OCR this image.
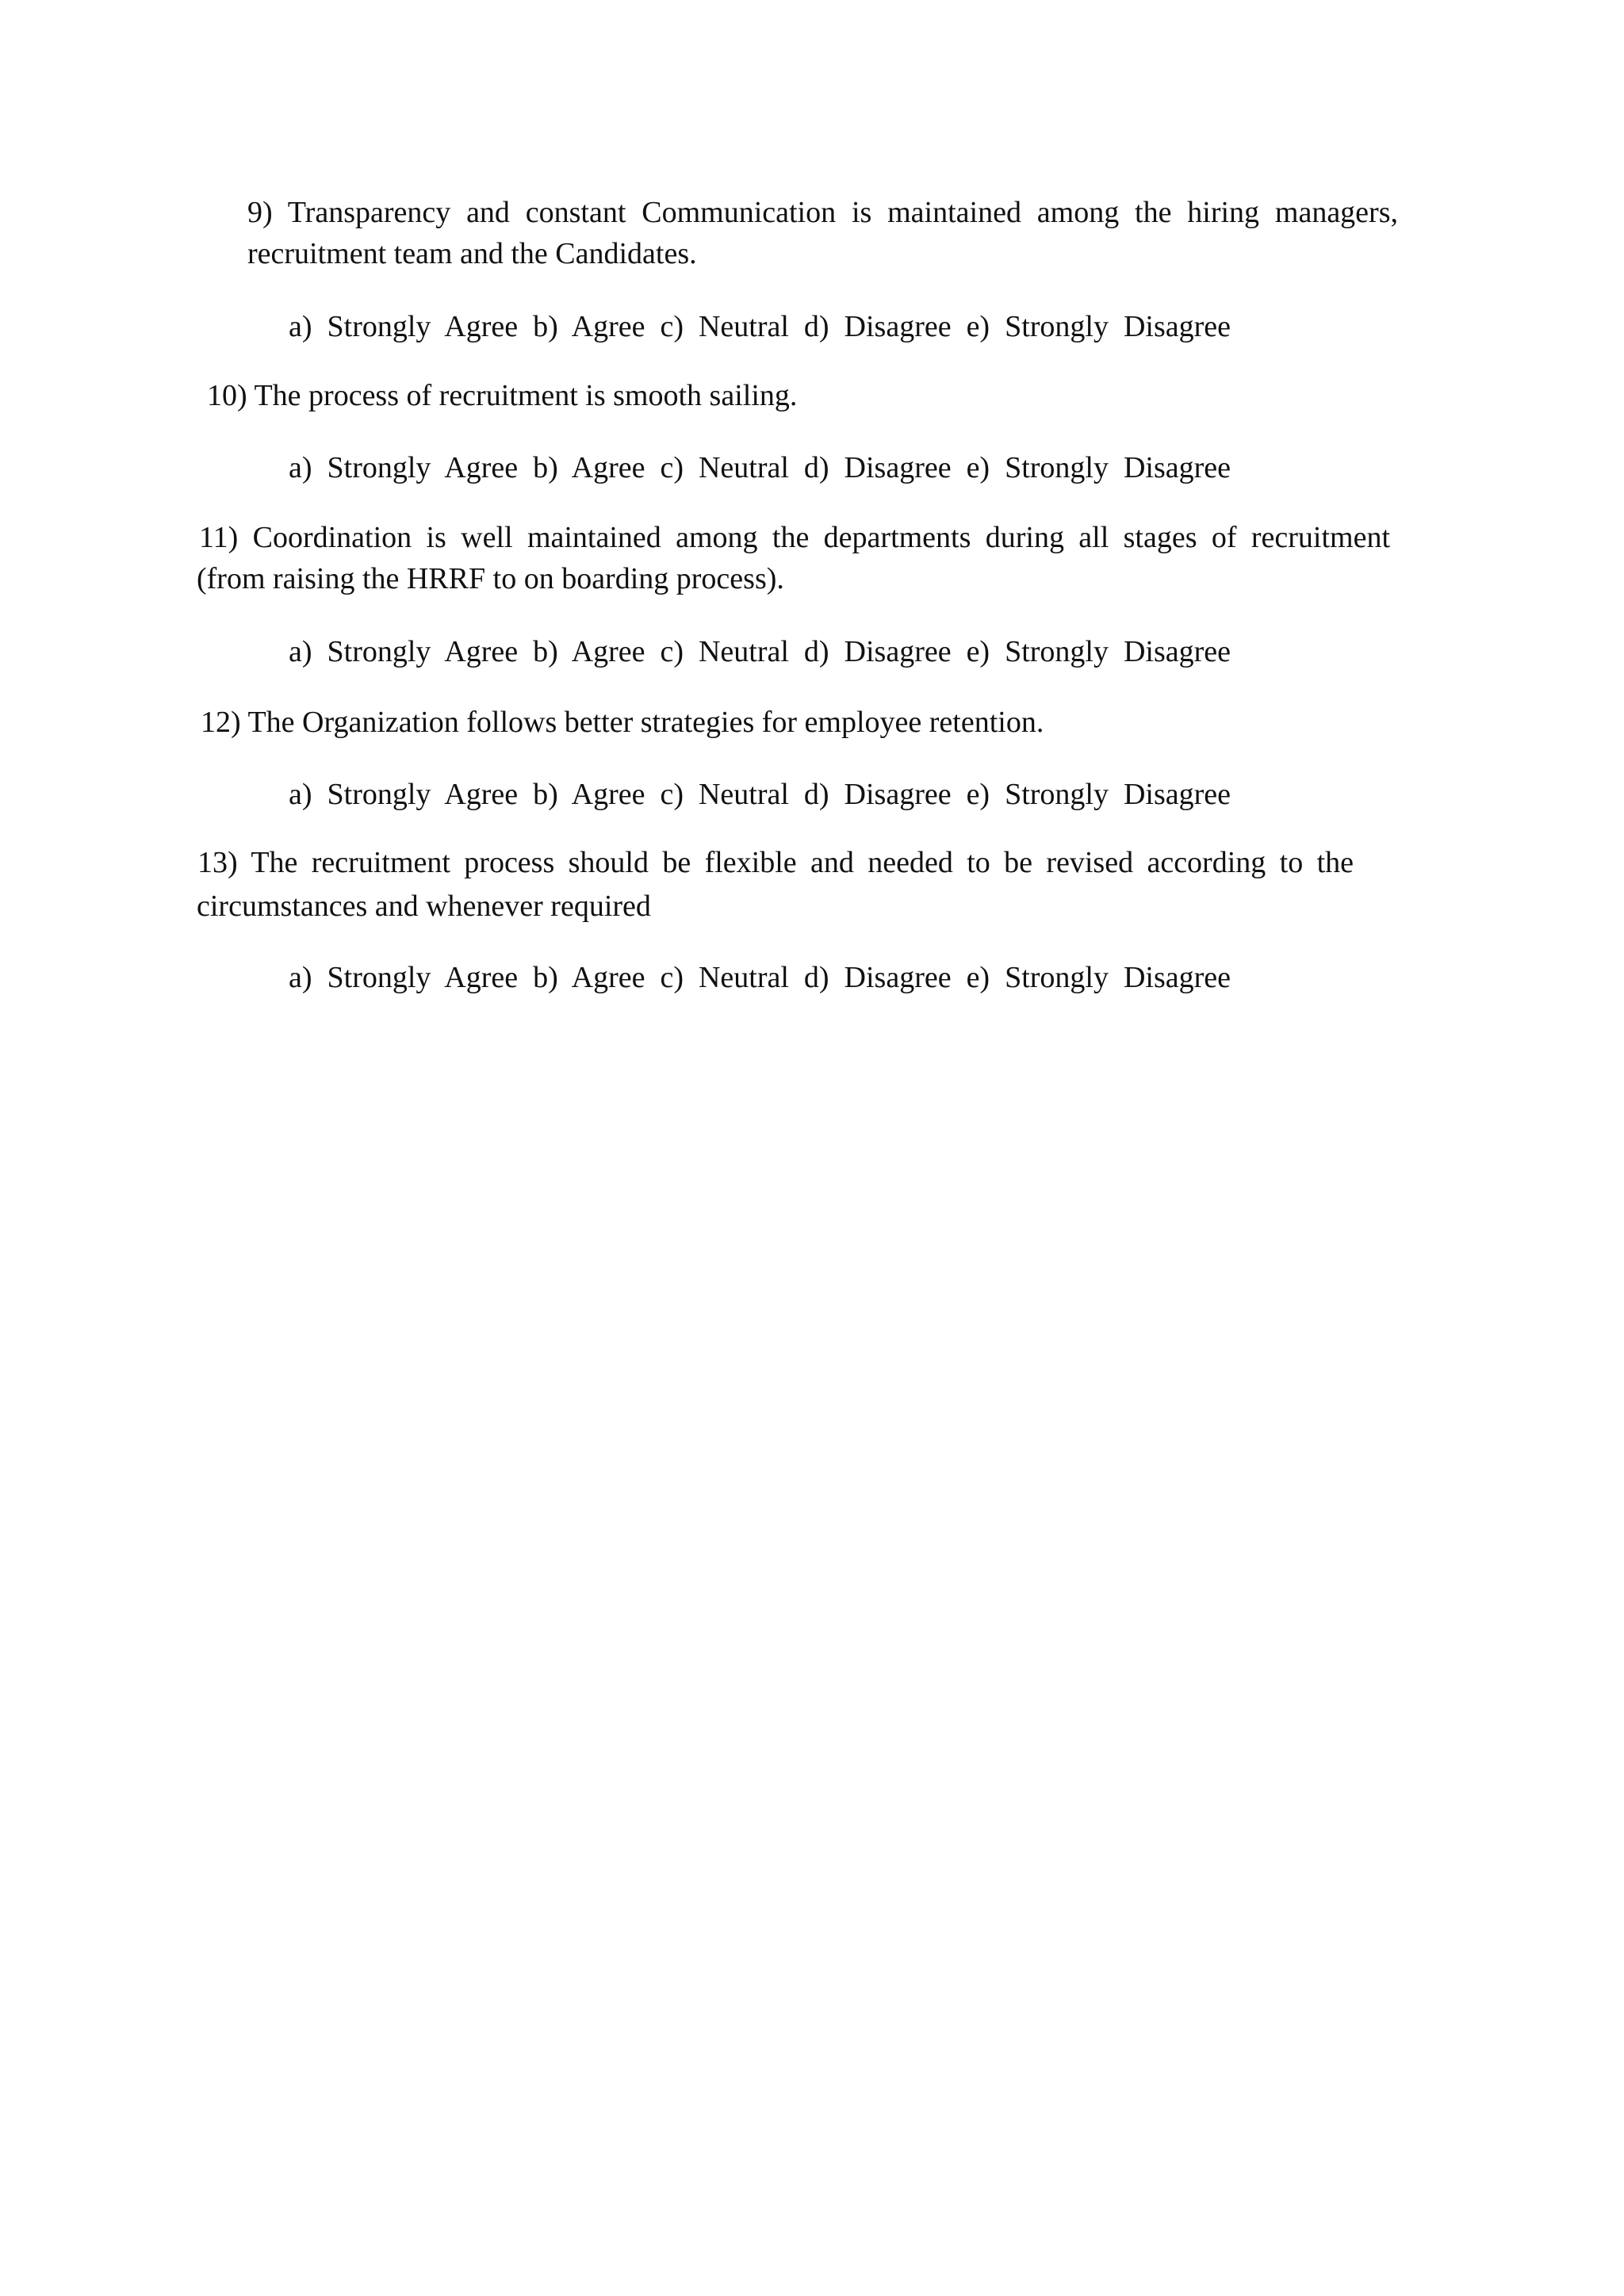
9) Transparency and constant Communication is maintained among the hiring managers,
recruitment team and the Candidates.
a) Strongly Agree b) Agree c) Neutral d) Disagree e) Strongly Disagree
10) The process of recruitment is smooth sailing.
a) Strongly Agree b) Agree c) Neutral d) Disagree e) Strongly Disagree
11) Coordination is well maintained among the departments during all stages of recruitment
(from raising the HRRF to on boarding process).
a) Strongly Agree b) Agree c) Neutral d) Disagree e) Strongly Disagree
12) The Organization follows better strategies for employee retention.
a) Strongly Agree b) Agree c) Neutral d) Disagree e) Strongly Disagree
13) The recruitment process should be flexible and needed to be revised according to the
circumstances and whenever required
a) Strongly Agree b) Agree c) Neutral d) Disagree e) Strongly Disagree
